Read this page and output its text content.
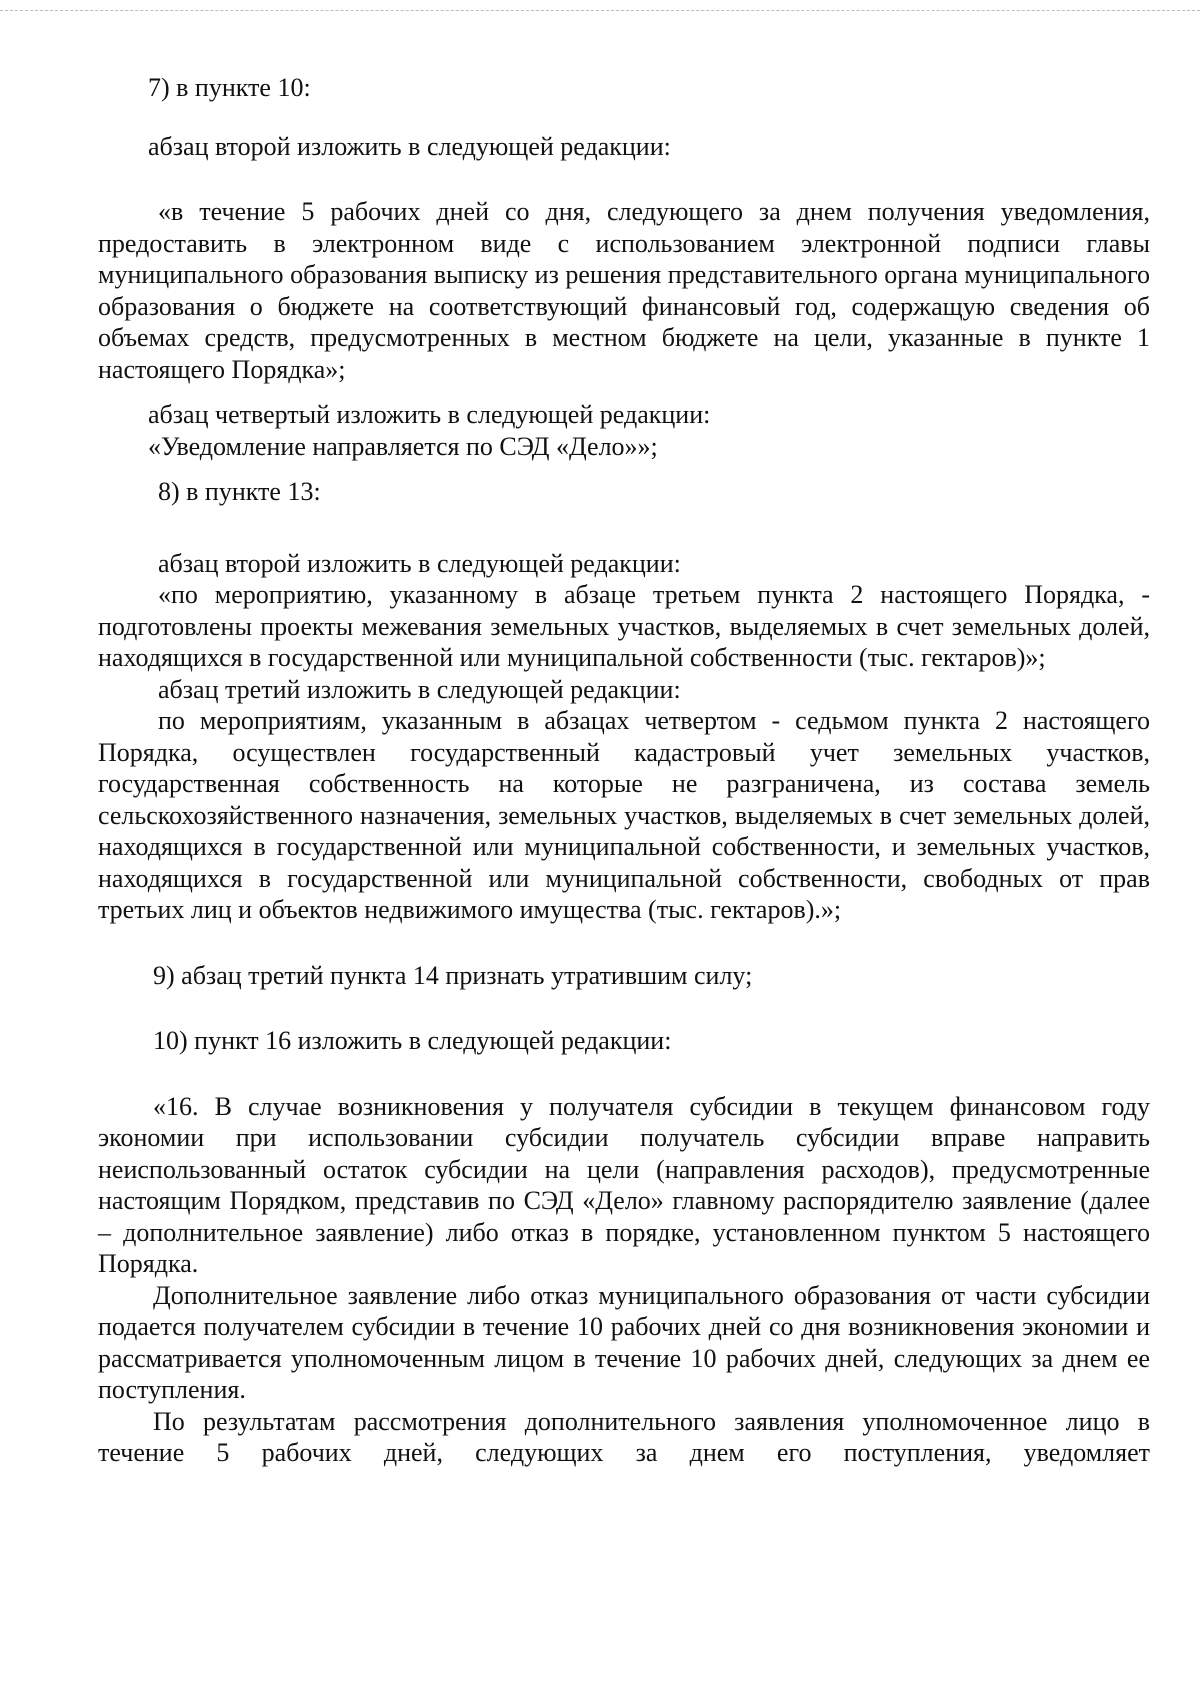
7) в пункте 10:

абзац второй изложить в следующей редакции:

«в течение 5 рабочих дней со дня, следующего за днем получения уведомления, предоставить в электронном виде с использованием электронной подписи главы муниципального образования выписку из решения представительного органа муниципального образования о бюджете на соответствующий финансовый год, содержащую сведения об объемах средств, предусмотренных в местном бюджете на цели, указанные в пункте 1 настоящего Порядка»;

абзац четвертый изложить в следующей редакции:

«Уведомление направляется по СЭД «Дело»»;

8) в пункте 13:

абзац второй изложить в следующей редакции:

«по мероприятию, указанному в абзаце третьем пункта 2 настоящего Порядка, - подготовлены проекты межевания земельных участков, выделяемых в счет земельных долей, находящихся в государственной или муниципальной собственности (тыс. гектаров)»;

абзац третий изложить в следующей редакции:

по мероприятиям, указанным в абзацах четвертом - седьмом пункта 2 настоящего Порядка, осуществлен государственный кадастровый учет земельных участков, государственная собственность на которые не разграничена, из состава земель сельскохозяйственного назначения, земельных участков, выделяемых в счет земельных долей, находящихся в государственной или муниципальной собственности, и земельных участков, находящихся в государственной или муниципальной собственности, свободных от прав третьих лиц и объектов недвижимого имущества (тыс. гектаров).»;

9) абзац третий пункта 14 признать утратившим силу;

10) пункт 16 изложить в следующей редакции:

«16. В случае возникновения у получателя субсидии в текущем финансовом году экономии при использовании субсидии получатель субсидии вправе направить неиспользованный остаток субсидии на цели (направления расходов), предусмотренные настоящим Порядком, представив по СЭД «Дело» главному распорядителю заявление (далее – дополнительное заявление) либо отказ в порядке, установленном пунктом 5 настоящего Порядка.

Дополнительное заявление либо отказ муниципального образования от части субсидии подается получателем субсидии в течение 10 рабочих дней со дня возникновения экономии и рассматривается уполномоченным лицом в течение 10 рабочих дней, следующих за днем ее поступления.

По результатам рассмотрения дополнительного заявления уполномоченное лицо в течение 5 рабочих дней, следующих за днем его поступления, уведомляет
